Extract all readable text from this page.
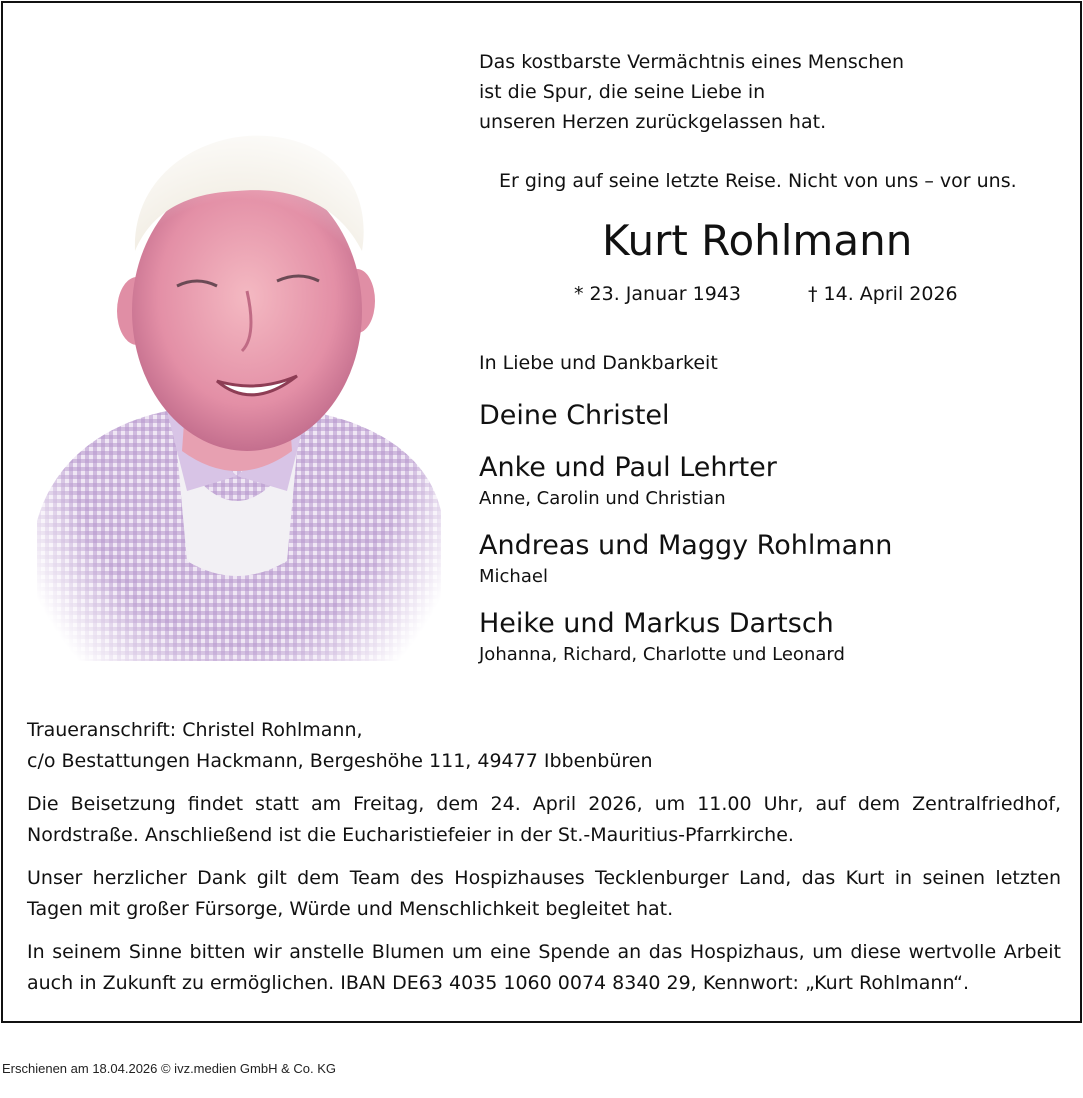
Das kostbarste Vermächtnis eines Menschen
ist die Spur, die seine Liebe in
unseren Herzen zurückgelassen hat.
Er ging auf seine letzte Reise. Nicht von uns – vor uns.
Kurt Rohlmann
* 23. Januar 1943	† 14. April 2026
In Liebe und Dankbarkeit
Deine Christel
Anke und Paul Lehrter
Anne, Carolin und Christian
Andreas und Maggy Rohlmann
Michael
Heike und Markus Dartsch
Johanna, Richard, Charlotte und Leonard

Traueranschrift: Christel Rohlmann,
c/o Bestattungen Hackmann, Bergeshöhe 111, 49477 Ibbenbüren

Die Beisetzung findet statt am Freitag, dem 24. April 2026, um 11.00 Uhr, auf dem Zentralfriedhof, Nordstraße. Anschließend ist die Eucharistiefeier in der St.-Mauritius-Pfarrkirche.

Unser herzlicher Dank gilt dem Team des Hospizhauses Tecklenburger Land, das Kurt in seinen letzten Tagen mit großer Fürsorge, Würde und Menschlichkeit begleitet hat.

In seinem Sinne bitten wir anstelle Blumen um eine Spende an das Hospizhaus, um diese wertvolle Arbeit auch in Zukunft zu ermöglichen. IBAN DE63 4035 1060 0074 8340 29, Kennwort: „Kurt Rohlmann“.

Erschienen am 18.04.2026 © ivz.medien GmbH & Co. KG
